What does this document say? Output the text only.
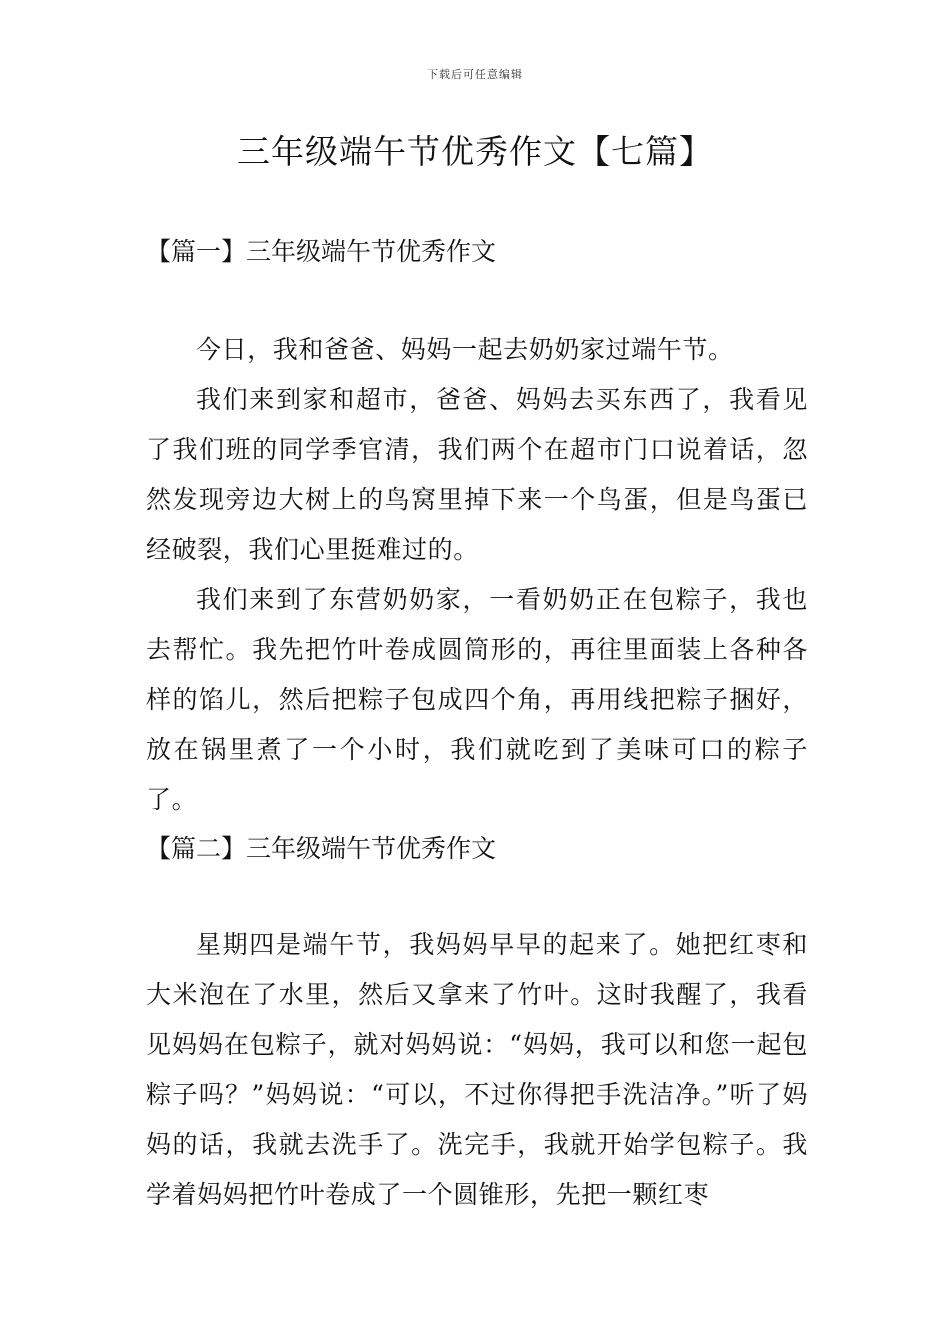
下载后可任意编辑
三年级端午节优秀作文【七篇】
【篇一】三年级端午节优秀作文

今日，我和爸爸、妈妈一起去奶奶家过端午节。

我们来到家和超市，爸爸、妈妈去买东西了，我看见了我们班的同学季官清，我们两个在超市门口说着话，忽然发现旁边大树上的鸟窝里掉下来一个鸟蛋，但是鸟蛋已经破裂，我们心里挺难过的。

我们来到了东营奶奶家，一看奶奶正在包粽子，我也去帮忙。我先把竹叶卷成圆筒形的，再往里面装上各种各样的馅儿，然后把粽子包成四个角，再用线把粽子捆好，放在锅里煮了一个小时，我们就吃到了美味可口的粽子了。

【篇二】三年级端午节优秀作文

星期四是端午节，我妈妈早早的起来了。她把红枣和大米泡在了水里，然后又拿来了竹叶。这时我醒了，我看见妈妈在包粽子，就对妈妈说：“妈妈，我可以和您一起包粽子吗？”妈妈说：“可以，不过你得把手洗洁净。”听了妈妈的话，我就去洗手了。洗完手，我就开始学包粽子。我学着妈妈把竹叶卷成了一个圆锥形，先把一颗红枣
